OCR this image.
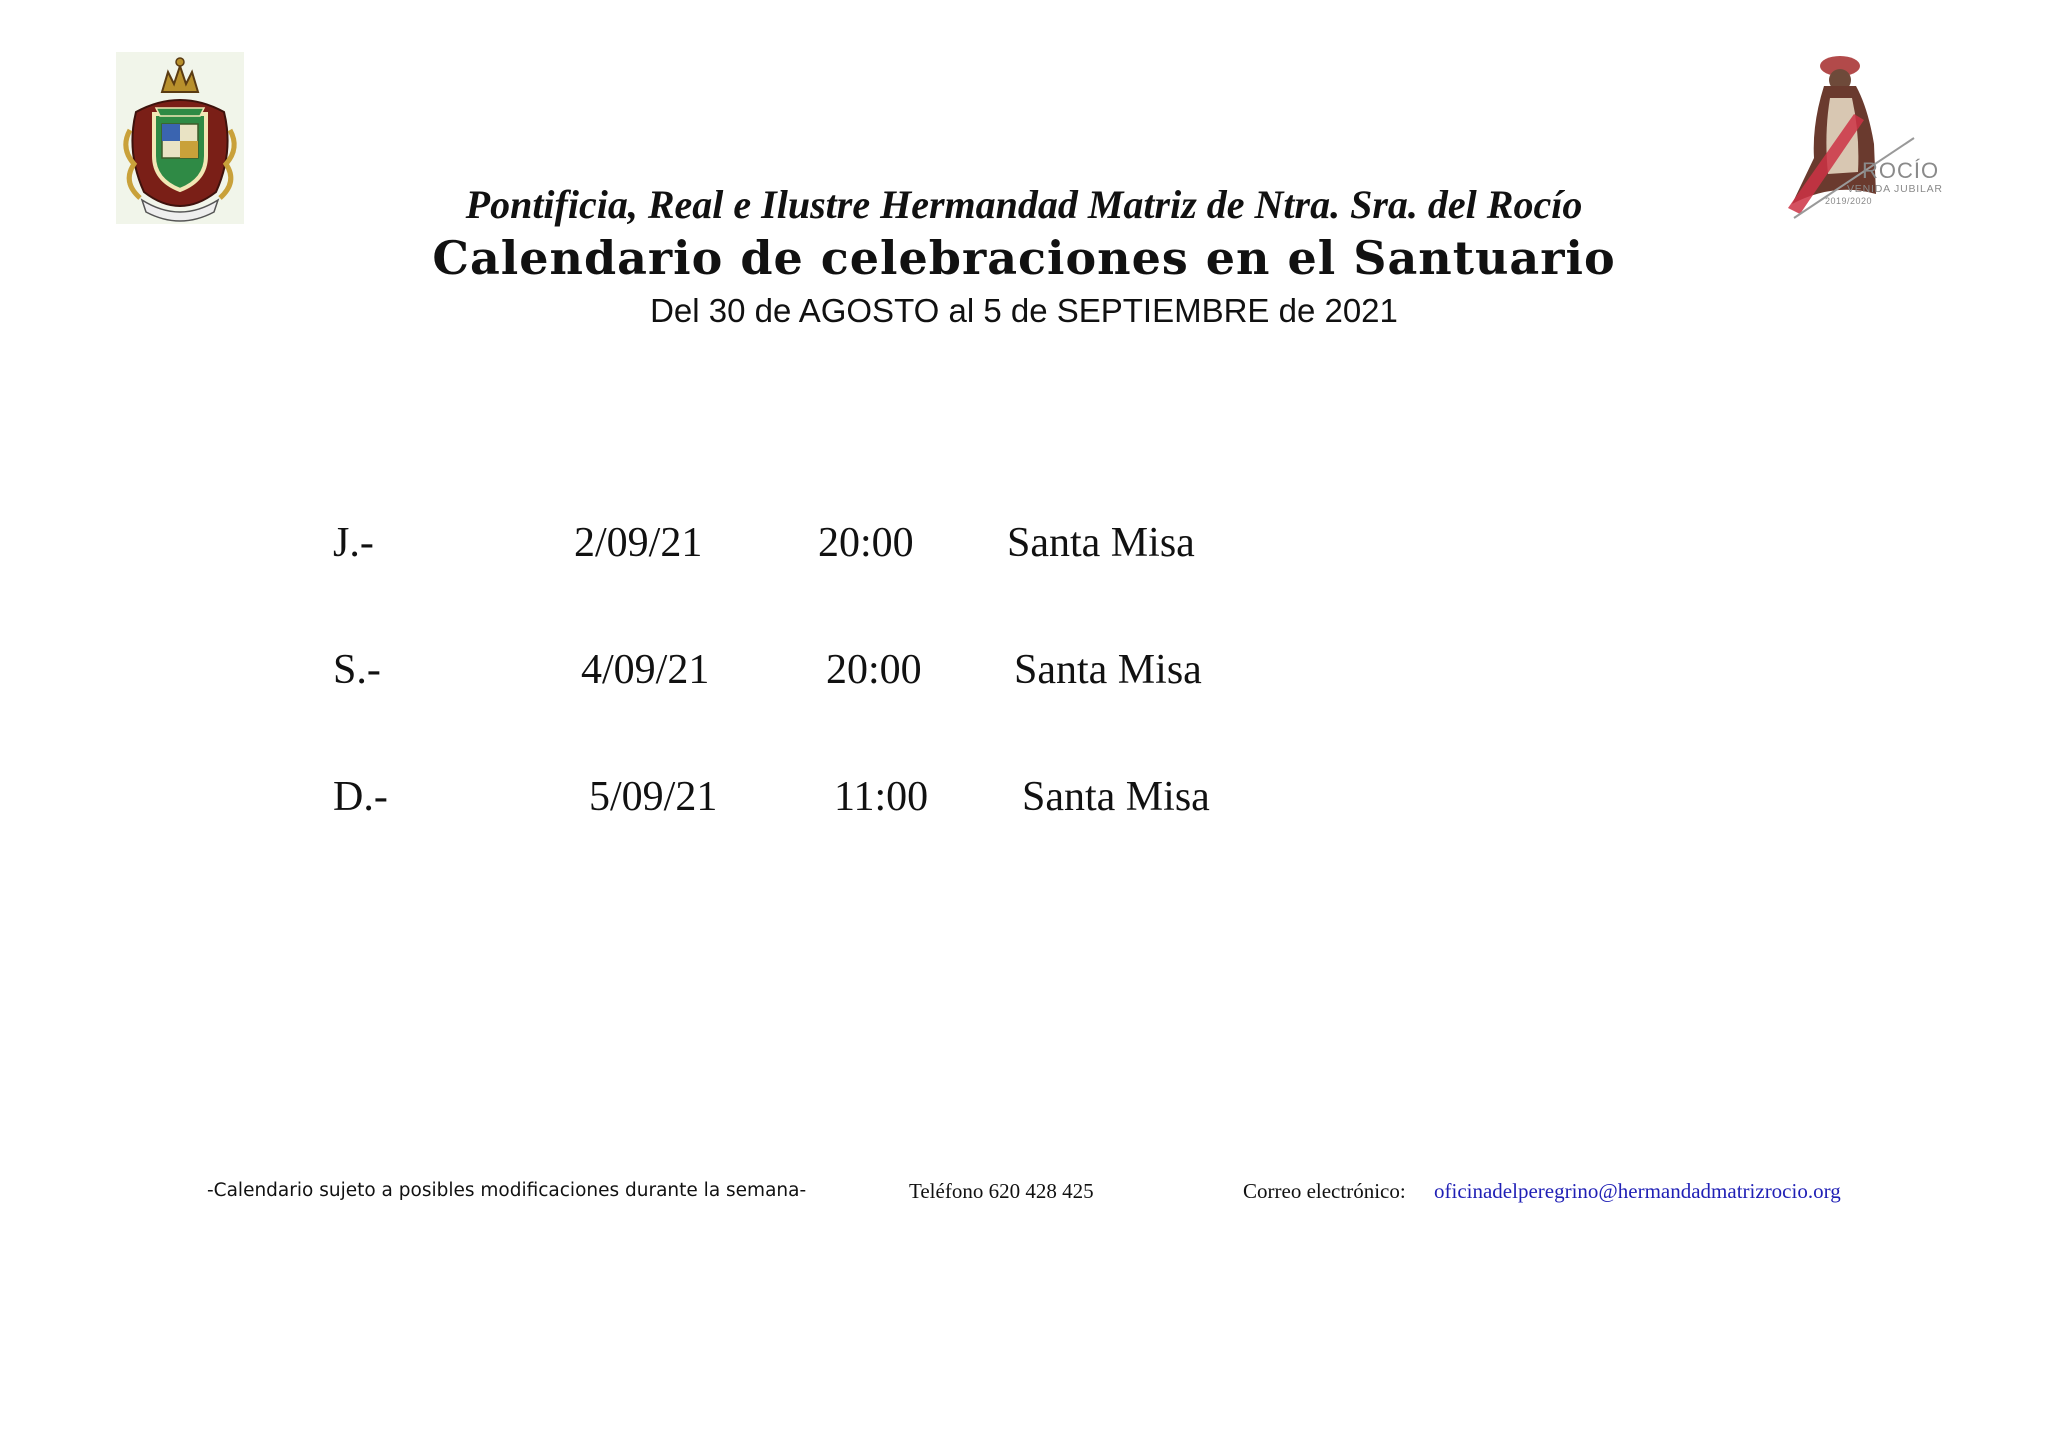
ROCÍO
VENIDA JUBILAR
2019/2020
Pontificia, Real e Ilustre Hermandad Matriz de Ntra. Sra. del Rocío
Calendario de celebraciones en el Santuario
Del 30 de AGOSTO al 5 de SEPTIEMBRE de 2021
J.-	2/09/21	20:00 Santa Misa
S.-	4/09/21	20:00 Santa Misa
D.-	5/09/21	11:00 Santa Misa
-Calendario sujeto a posibles modificaciones durante la semana-	Teléfono 620 428 425	Correo electrónico: oficinadelperegrino@hermandadmatrizrocio.org
